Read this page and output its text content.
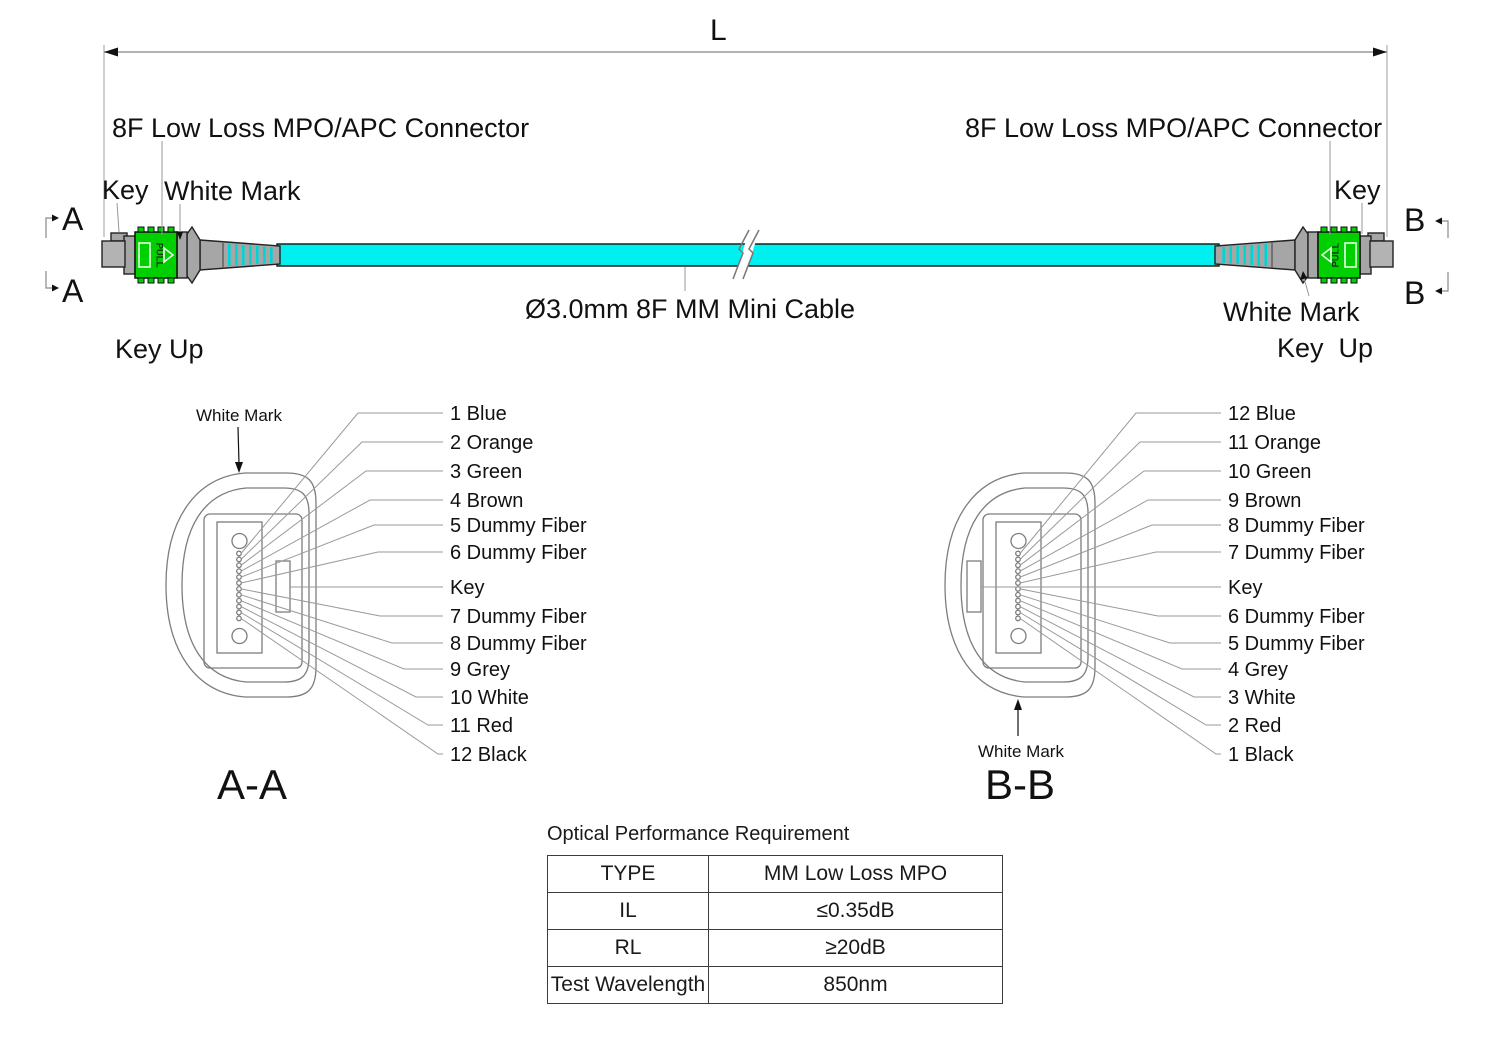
PULL	PULL
L
8F Low Loss MPO/APC Connector	8F Low Loss MPO/APC Connector
Key	Key
White Mark
White Mark
Key Up	Key  Up
Ø3.0mm 8F MM Mini Cable
A
A
B
B
White Mark	1 Blue
2 Orange
3 Green
4 Brown
5 Dummy Fiber
6 Dummy Fiber
Key
7 Dummy Fiber
8 Dummy Fiber
9 Grey
10 White
11 Red
12 Black
A-A
White Mark
12 Blue
11 Orange
10 Green
9 Brown
8 Dummy Fiber
7 Dummy Fiber
Key
6 Dummy Fiber
5 Dummy Fiber
4 Grey
3 White
2 Red
1 Black
B-B
Optical Performance Requirement
TYPE	MM Low Loss MPO
IL	≤0.35dB
RL	≥20dB
Test Wavelength	850nm
